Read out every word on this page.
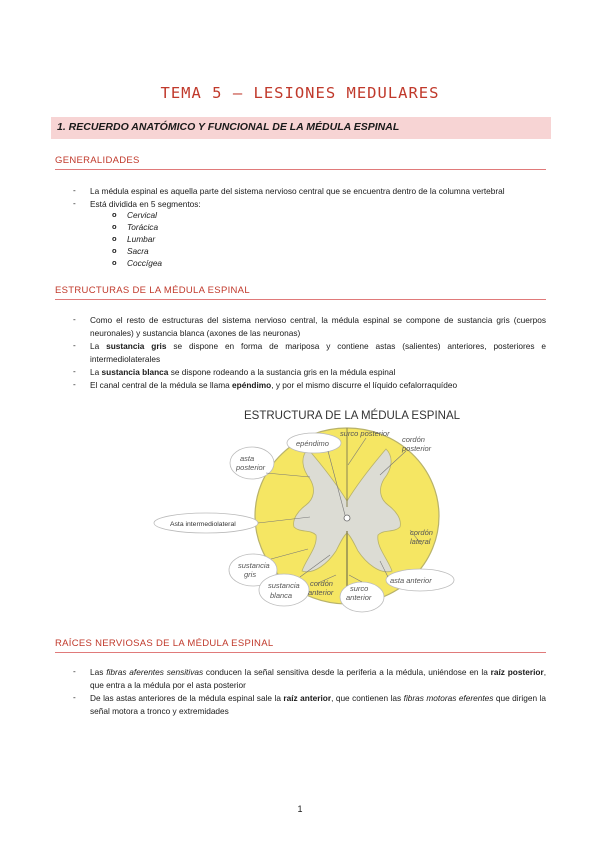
TEMA 5 – LESIONES MEDULARES
1. RECUERDO ANATÓMICO Y FUNCIONAL DE LA MÉDULA ESPINAL
GENERALIDADES
- La médula espinal es aquella parte del sistema nervioso central que se encuentra dentro de la columna vertebral
- Está dividida en 5 segmentos:
o Cervical
o Torácica
o Lumbar
o Sacra
o Coccígea
ESTRUCTURAS DE LA MÉDULA ESPINAL
- Como el resto de estructuras del sistema nervioso central, la médula espinal se compone de sustancia gris (cuerpos neuronales) y sustancia blanca (axones de las neuronas)
- La sustancia gris se dispone en forma de mariposa y contiene astas (salientes) anteriores, posteriores e intermediolaterales
- La sustancia blanca se dispone rodeando a la sustancia gris en la médula espinal
- El canal central de la médula se llama epéndimo, y por el mismo discurre el líquido cefalorraquídeo
ESTRUCTURA DE LA MÉDULA ESPINAL
epéndimo
surco posterior
cordón
posterior
asta
posterior
cordón
lateral
asta anterior
sustancia
gris
sustancia
blanca
cordón
anterior surco
anterior
Asta intermediolateral
RAÍCES NERVIOSAS DE LA MÉDULA ESPINAL
- Las fibras aferentes sensitivas conducen la señal sensitiva desde la periferia a la médula, uniéndose en la raíz posterior, que entra a la médula por el asta posterior
- De las astas anteriores de la médula espinal sale la raíz anterior, que contienen las fibras motoras eferentes que dirigen la señal motora a tronco y extremidades
1
